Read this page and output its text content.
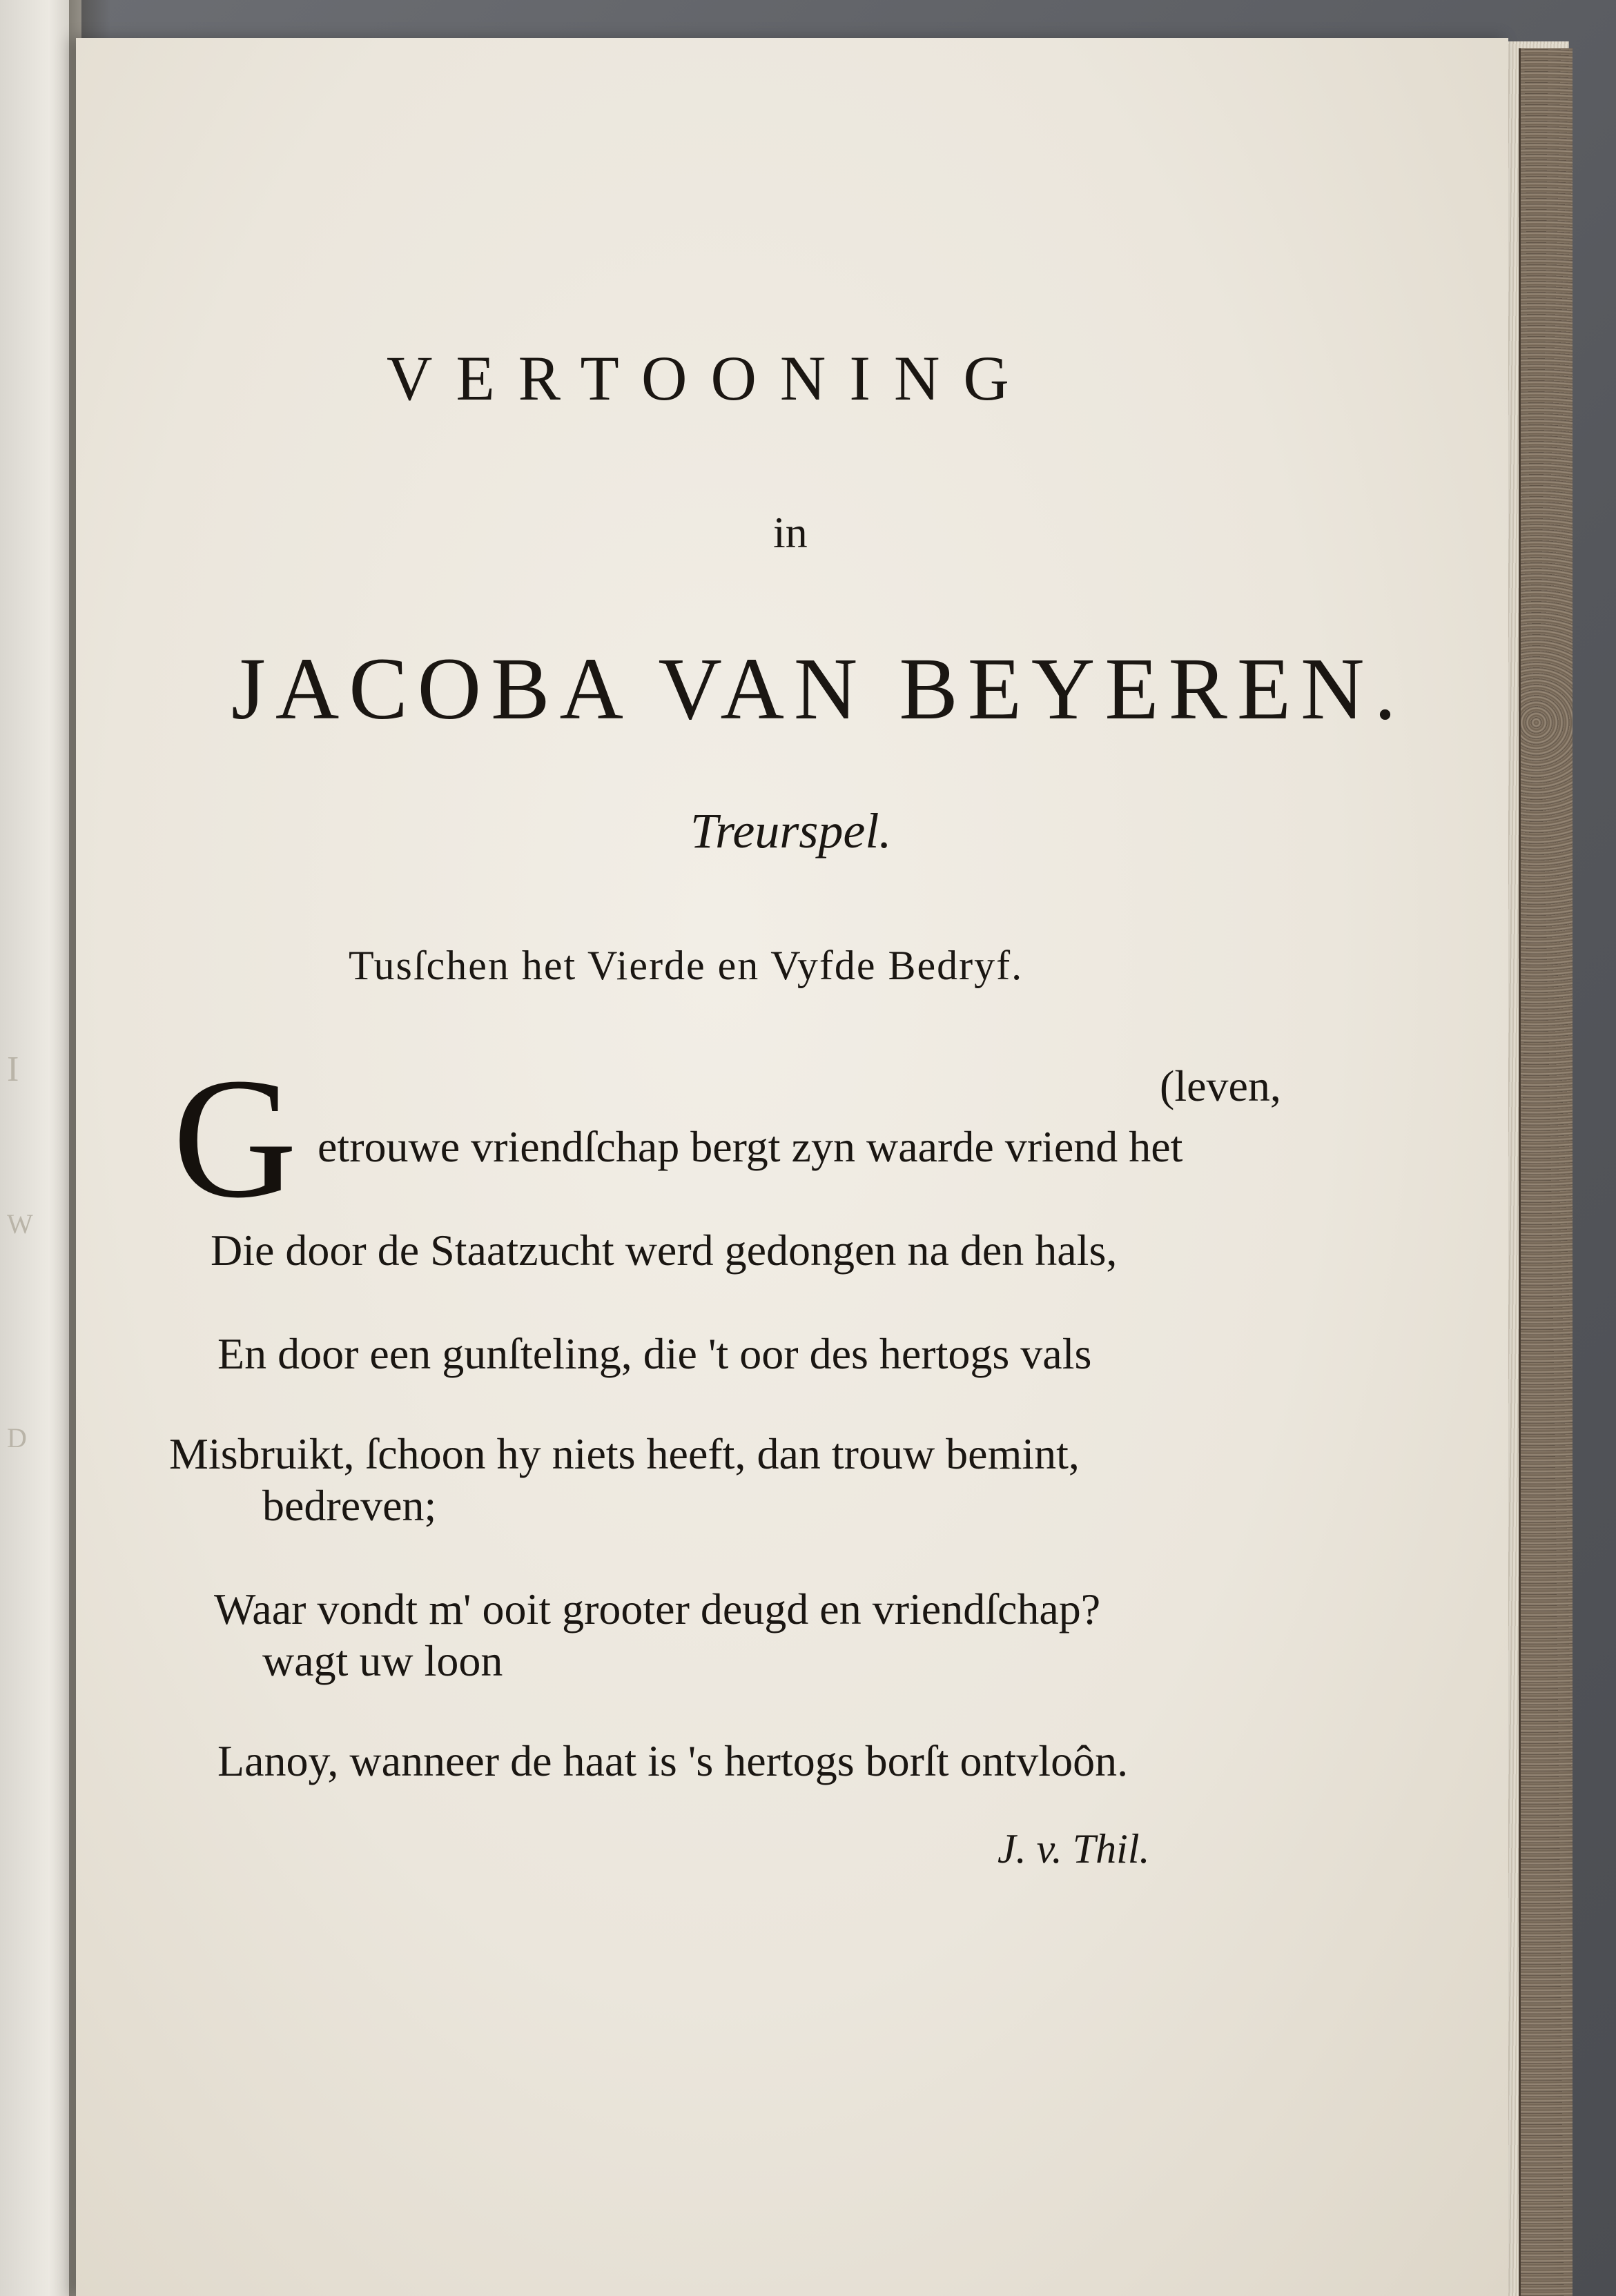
I
W
D
VERTOONING
in
JACOBA VAN BEYEREN.
Treurspel.
Tusſchen het Vierde en Vyfde Bedryf.
G	(leven,
etrouwe vriendſchap bergt zyn waarde vriend het
Die door de Staatzucht werd gedongen na den hals,
En door een gunſteling, die 't oor des hertogs vals
Misbruikt, ſchoon hy niets heeft, dan trouw bemint,
bedreven;
Waar vondt m' ooit grooter deugd en vriendſchap?
wagt uw loon
Lanoy, wanneer de haat is 's hertogs borſt ontvloôn.
J. v. Thil.
